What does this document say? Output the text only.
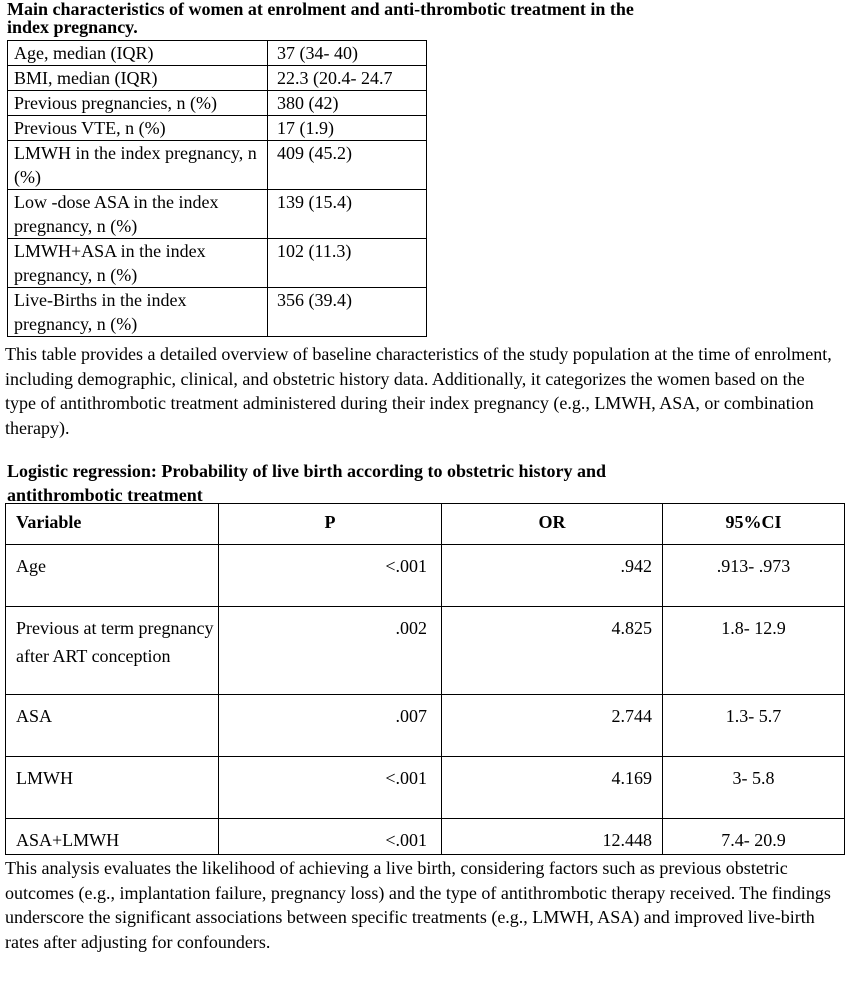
Main characteristics of women at enrolment and anti-thrombotic treatment in the
index pregnancy.
Age, median (IQR)	37 (34- 40)
BMI, median (IQR)	22.3 (20.4- 24.7
Previous pregnancies, n (%)	380 (42)
Previous VTE, n (%)	17 (1.9)
LMWH in the index pregnancy, n (%)	409 (45.2)
Low -dose ASA in the index pregnancy, n (%)	139 (15.4)
LMWH+ASA in the index pregnancy, n (%)	102 (11.3)
Live-Births in the index pregnancy, n (%)	356 (39.4)
This table provides a detailed overview of baseline characteristics of the study population at the time of enrolment, including demographic, clinical, and obstetric history data. Additionally, it categorizes the women based on the type of antithrombotic treatment administered during their index pregnancy (e.g., LMWH, ASA, or combination therapy).
Logistic regression: Probability of live birth according to obstetric history and
antithrombotic treatment
Variable	P	OR	95%CI
Age	<.001	.942	.913- .973
Previous at term pregnancy after ART conception	.002	4.825	1.8- 12.9
ASA	.007	2.744	1.3- 5.7
LMWH	<.001	4.169	3- 5.8
ASA+LMWH	<.001	12.448	7.4- 20.9
This analysis evaluates the likelihood of achieving a live birth, considering factors such as previous obstetric outcomes (e.g., implantation failure, pregnancy loss) and the type of antithrombotic therapy received. The findings underscore the significant associations between specific treatments (e.g., LMWH, ASA) and improved live-birth rates after adjusting for confounders.
